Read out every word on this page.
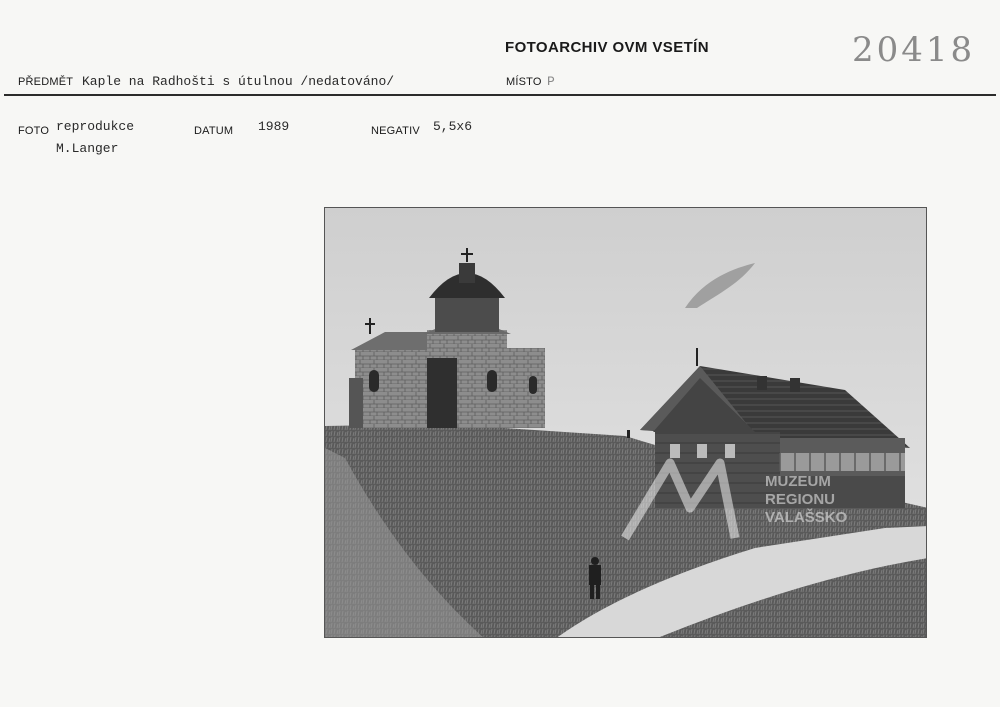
FOTOARCHIV OVM VSETÍN	20418
PŘEDMĚT Kaple na Radhošti s útulnou /nedatováno/	MÍSTO P
FOTO reprodukce
M.Langer
DATUM 1989	NEGATIV 5,5x6
MUZEUM
REGIONU
VALAŠSKO
